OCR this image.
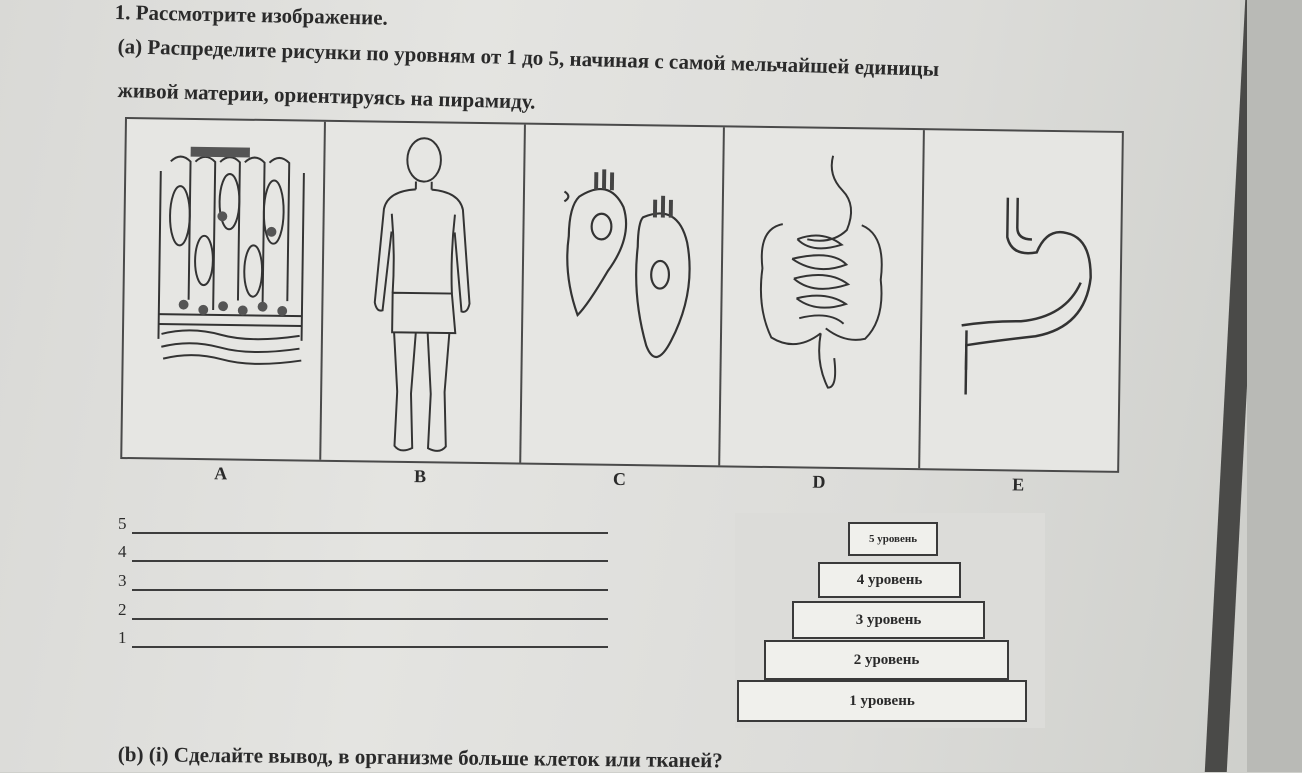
1. Рассмотрите изображение.
(a) Распределите рисунки по уровням от 1 до 5, начиная с самой мельчайшей единицы
живой материи, ориентируясь на пирамиду.
A	B	C	D	E
5
4
3
2
1
5 уровень
4 уровень
3 уровень
2 уровень
1 уровень
(b) (i) Сделайте вывод, в организме больше клеток или тканей?
